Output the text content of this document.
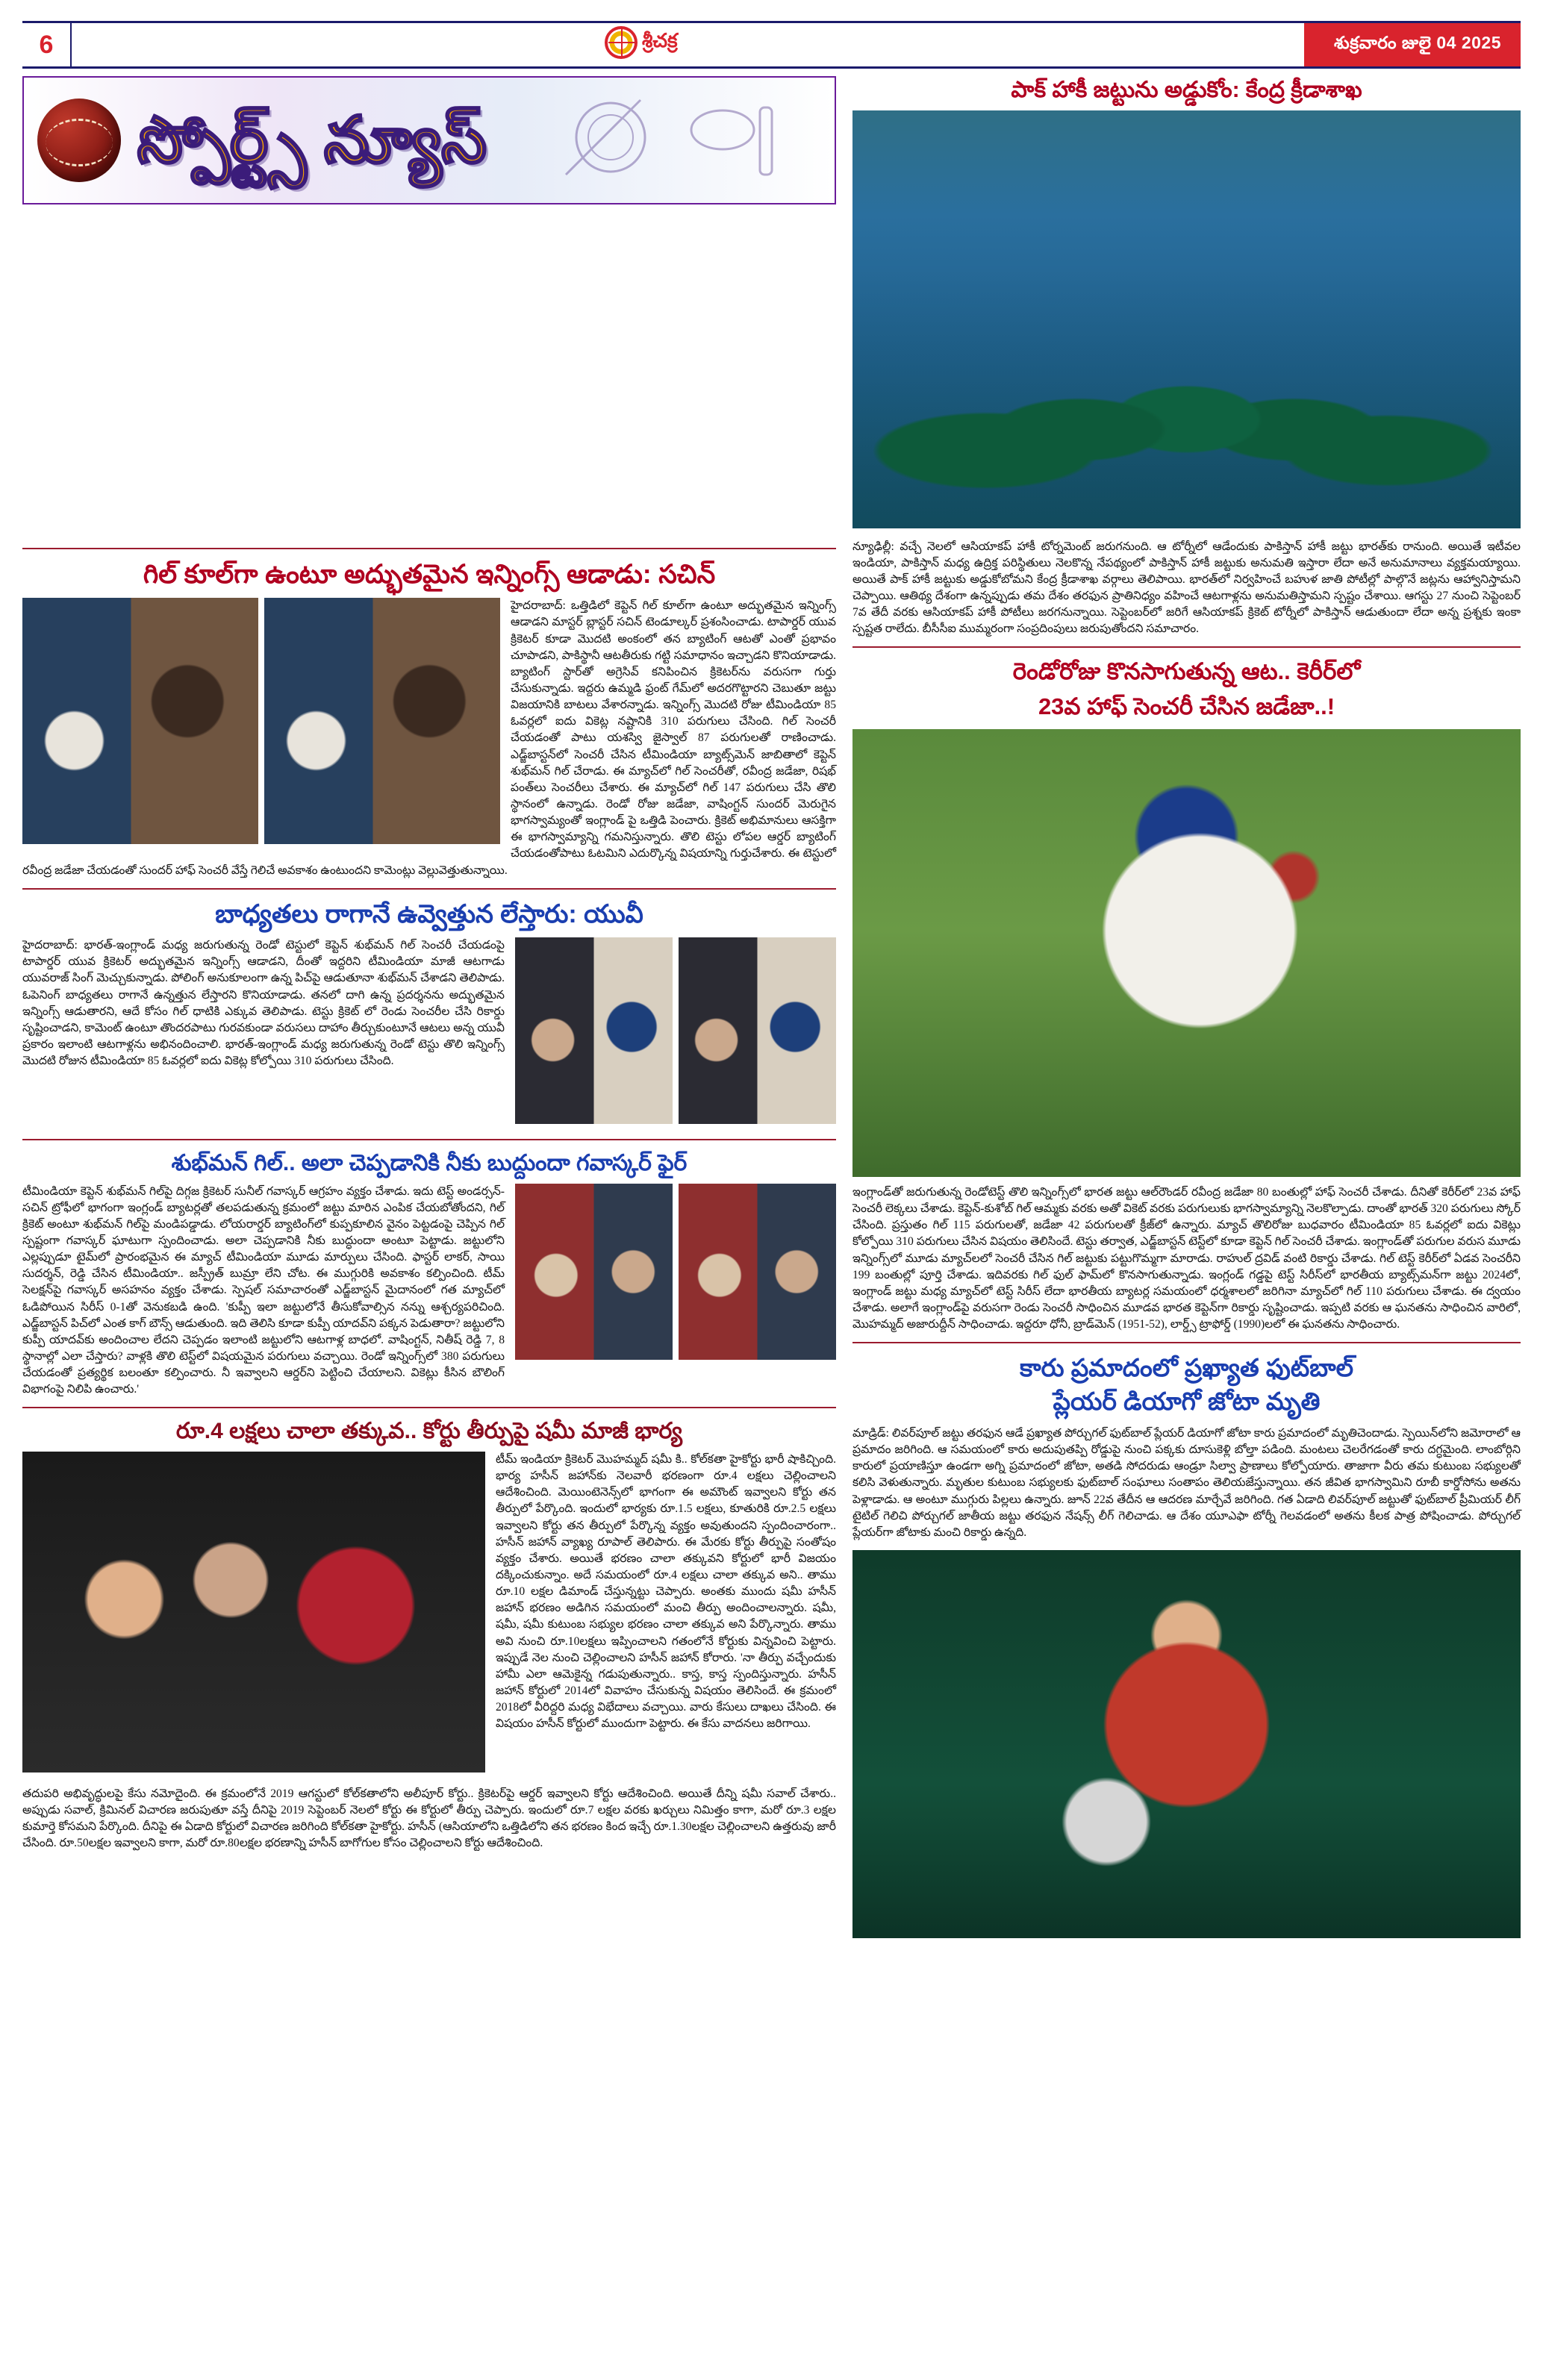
6	శ్రీచక్ర	శుక్రవారం జులై 04 2025
స్పోర్ట్స్ న్యూస్
పాక్ హాకీ జట్టును అడ్డుకోం: కేంద్ర క్రీడాశాఖ
గిల్ కూల్‌గా ఉంటూ అద్భుతమైన ఇన్నింగ్స్ ఆడాడు: సచిన్
హైదరాబాద్: ఒత్తిడిలో కెప్టెన్ గిల్ కూల్‌గా ఉంటూ అద్భుతమైన ఇన్నింగ్స్ ఆడాడని మాస్టర్ బ్లాస్టర్ సచిన్ టెండూల్కర్ ప్రశంసించాడు. టాపార్డర్ యువ క్రికెటర్ కూడా మొదటి అంకంలో తన బ్యాటింగ్ ఆటతో ఎంతో ప్రభావం చూపాడని, పాకిస్థానీ ఆటతీరుకు గట్టి సమాధానం ఇచ్చాడని కొనియాడాడు. బ్యాటింగ్ స్టార్‌తో అగ్రెసివ్ కనిపించిన క్రికెటర్‌ను వరుసగా గుర్తు చేసుకున్నాడు. ఇద్దరు ఉమ్మడి ఫ్రంట్ గేమ్‌లో అదరగొట్టారని చెబుతూ జట్టు విజయానికి బాటలు వేశారన్నాడు. ఇన్నింగ్స్ మొదటి రోజు టీమిండియా 85 ఓవర్లలో ఐదు వికెట్ల నష్టానికి 310 పరుగులు చేసింది. గిల్ సెంచరీ చేయడంతో పాటు యశస్వి జైస్వాల్ 87 పరుగులతో రాణించాడు. ఎడ్జ్‌బాస్టన్‌లో సెంచరీ చేసిన టీమిండియా బ్యాట్స్‌మెన్ జాబితాలో కెప్టెన్ శుభ్‌మన్ గిల్ చేరాడు. ఈ మ్యాచ్‌లో గిల్ సెంచరీతో, రవీంద్ర జడేజా, రిషభ్ పంత్‌లు సెంచరీలు చేశారు. ఈ మ్యాచ్‌లో గిల్ 147 పరుగులు చేసి తొలి స్థానంలో ఉన్నాడు. రెండో రోజు జడేజా, వాషింగ్టన్ సుందర్ మెరుగైన భాగస్వామ్యంతో ఇంగ్లాండ్ పై ఒత్తిడి పెంచారు. క్రికెట్ అభిమానులు ఆసక్తిగా ఈ భాగస్వామ్యాన్ని గమనిస్తున్నారు. తొలి టెస్టు లోపల ఆర్డర్ బ్యాటింగ్ చేయడంతోపాటు ఓటమిని ఎదుర్కొన్న విషయాన్ని గుర్తుచేశారు. ఈ టెస్టులో రవీంద్ర జడేజా చేయడంతో సుందర్ హాఫ్ సెంచరీ వేస్తే గెలిచే అవకాశం ఉంటుందని కామెంట్లు వెల్లువెత్తుతున్నాయి.
బాధ్యతలు రాగానే ఉవ్వెత్తున లేస్తారు: యువీ
హైదరాబాద్: భారత్-ఇంగ్లాండ్ మధ్య జరుగుతున్న రెండో టెస్టులో కెప్టెన్ శుభ్‌మన్ గిల్ సెంచరీ చేయడంపై టాపార్డర్ యువ క్రికెటర్ అద్భుతమైన ఇన్నింగ్స్ ఆడాడని, దీంతో ఇద్దరిని టీమిండియా మాజీ ఆటగాడు యువరాజ్ సింగ్ మెచ్చుకున్నాడు. పోలింగ్ అనుకూలంగా ఉన్న పిచ్‌పై ఆడుతూనా శుభ్‌మన్ చేశాడని తెలిపాడు. ఓపెనింగ్ బాధ్యతలు రాగానే ఉన్నత్తున లేస్తారని కొనియాడాడు. తనలో దాగి ఉన్న ప్రదర్శనను అద్భుతమైన ఇన్నింగ్స్ ఆడుతారని, ఆదే కోసం గిల్ ధాటికి ఎక్కువ తెలిపాడు. టెస్టు క్రికెట్ లో రెండు సెంచరీల చేసి రికార్డు సృష్టించాడని, కామెంట్ ఉంటూ తొందరపాటు గురవకుండా వరుసలు దాహాం తీర్చుకుంటూనే ఆటలు అన్న యువీ ప్రకారం ఇలాంటి ఆటగాళ్లను అభినందించాలి. భారత్-ఇంగ్లాండ్ మధ్య జరుగుతున్న రెండో టెస్టు తొలి ఇన్నింగ్స్ మొదటి రోజున టీమిండియా 85 ఓవర్లలో ఐదు వికెట్ల కోల్పోయి 310 పరుగులు చేసింది.
శుభ్‌మన్ గిల్.. అలా చెప్పడానికి నీకు బుద్దుందా గవాస్కర్ ఫైర్
టీమిండియా కెప్టెన్ శుభ్‌మన్ గిల్‌పై దిగ్గజ క్రికెటర్ సునీల్ గవాస్కర్ ఆగ్రహం వ్యక్తం చేశాడు. ఇదు టెస్ట్ అండర్సన్-సచిన్ ట్రోఫీలో భాగంగా ఇంగ్లండ్ బ్యాటర్లతో తలపడుతున్న క్రమంలో జట్టు మారిన ఎంపిక చేయబోతోందని, గిల్ క్రికెట్ అంటూ శుభ్‌మన్ గిల్‌పై మండిపడ్డాడు. లోయరార్డర్ బ్యాటింగ్‌లో కుప్పకూలిన వైనం పెట్టడంపై చెప్పిన గిల్ స్పష్టంగా గవాస్కర్ ఘాటుగా స్పందించాడు. అలా చెప్పడానికి నీకు బుద్ధుందా అంటూ పెట్టాడు. జట్టులోని ఎల్లప్పుడూ టైమ్‌లో ప్రారంభమైన ఈ మ్యాచ్ టీమిండియా మూడు మార్పులు చేసింది. ఫాస్టర్ లాకర్, సాయి సుదర్శన్, రెడ్డి చేసిన టీమిండియా.. జస్ప్రీత్ బుమ్రా లేని చోట. ఈ ముగ్గురికి అవకాశం కల్పించింది. టీమ్ సెలక్షన్‌పై గవాస్కర్ అసహనం వ్యక్తం చేశాడు. స్పెషల్ సమాచారంతో ఎడ్జ్‌బాస్టన్ మైదానంలో గత మ్యాచ్‌లో ఓడిపోయిన సిరీస్ 0-1తో వెనుకబడి ఉంది. 'కుప్పీ ఇలా జట్టులోనే తీసుకోవాల్సిన నన్ను ఆశ్చర్యపరిచింది. ఎడ్జ్‌బాస్టన్ పిచ్‌లో ఎంత కాగ్ బౌన్స్ ఆడుతుంది. ఇది తెలిసి కూడా కుప్పీ యాదవ్‌ని పక్కన పెడుతారా? జట్టులోని కుప్పీ యాదవ్‌కు అందించాల లేదని చెప్పడం ఇలాంటి జట్టులోని ఆటగాళ్ల బాధలో. వాషింగ్టన్, నితీష్ రెడ్డి 7, 8 స్థానాల్లో ఎలా చేస్తారు? వాళ్లకి తొలి టెస్ట్‌లో విషయమైన పరుగులు వచ్చాయి. రెండో ఇన్నింగ్స్‌లో 380 పరుగులు చేయడంతో ప్రత్యర్థిక బలంతూ కల్పించారు. నీ ఇవ్వాలని ఆర్డర్‌ని పెట్టించి చేయాలని. వికెట్లు కీసిన బౌలింగ్ విభాగంపై నిలిపి ఉంచారు.'
రూ.4 లక్షలు చాలా తక్కువ.. కోర్టు తీర్పుపై షమీ మాజీ భార్య
టీమ్ ఇండియా క్రికెటర్ మొహమ్మద్ షమీ కి.. కోల్‌కతా హైకోర్టు భారీ షాకిచ్చింది. భార్య హసీన్ జహాన్‌కు నెలవారీ భరణంగా రూ.4 లక్షలు చెల్లించాలని ఆదేశించింది. మెయింటెనెన్స్‌లో భాగంగా ఈ అమౌంట్ ఇవ్వాలని కోర్టు తన తీర్పులో పేర్కొంది. ఇందులో భార్యకు రూ.1.5 లక్షలు, కూతురికి రూ.2.5 లక్షలు ఇవ్వాలని కోర్టు తన తీర్పులో పేర్కొన్న వ్యక్తం అవుతుందని స్పందించారంగా.. హసీన్ జహాన్ వ్యాఖ్య రూపాల్ తెలిపారు. ఈ మేరకు కోర్టు తీర్పుపై సంతోషం వ్యక్తం చేశారు. అయితే భరణం చాలా తక్కువని కోర్టులో భారీ విజయం దక్కించుకున్నాం. అదే సమయంలో రూ.4 లక్షలు చాలా తక్కువ అని.. తాము రూ.10 లక్షల డిమాండ్ చేస్తున్నట్టు చెప్పారు. అంతకు ముందు షమీ హసీన్ జహాన్ భరణం అడిగిన సమయంలో మంచి తీర్పు అందించాలన్నారు. షమీ, షమీ, షమీ కుటుంబ సభ్యుల భరణం చాలా తక్కువ అని పేర్కొన్నారు. తాము అవి నుంచి రూ.10లక్షలు ఇప్పించాలని గతంలోనే కోర్టుకు విన్నవించి పెట్టారు. ఇప్పుడే నెల నుంచి చెల్లించాలని హసీన్ జహాన్ కోరారు. 'నా తీర్పు వచ్చేందుకు హామీ ఎలా ఆమెకైన్న గడుపుతున్నారు.. కాస్త, కాస్త స్పందిస్తున్నారు. హసీన్ జహాన్ కోర్టులో 2014లో వివాహం చేసుకున్న విషయం తెలిసిందే. ఈ క్రమంలో 2018లో వీరిద్దరి మధ్య విభేదాలు వచ్చాయి. వారు కేసులు దాఖలు చేసింది. ఈ విషయం హసీన్ కోర్టులో ముందుగా పెట్టారు. ఈ కేసు వాదనలు జరిగాయి.
తదుపరి అభివృద్ధులపై కేసు నమోదైంది. ఈ క్రమంలోనే 2019 ఆగస్టులో కోల్‌కతాలోని అలీపూర్ కోర్టు.. క్రికెటర్‌పై ఆర్డర్ ఇవ్వాలని కోర్టు ఆదేశించింది. అయితే దీన్ని షమీ సవాల్ చేశారు.. అప్పుడు సవాల్, క్రిమినల్ విచారణ జరుపుతూ వస్తే దీనిపై 2019 సెప్టెంబర్ నెలలో కోర్టు ఈ కోర్టులో తీర్పు చెప్పారు. ఇందులో రూ.7 లక్షల వరకు ఖర్చులు నిమిత్తం కాగా, మరో రూ.3 లక్షల కుమార్తె కోసమని పేర్కొంది. దీనిపై ఈ ఏడాది కోర్టులో విచారణ జరిగింది కోల్‌కతా హైకోర్టు. హసీన్ (ఆసియాలోని ఒత్తిడిలోని తన భరణం కింద ఇచ్చే రూ.1.30లక్షల చెల్లించాలని ఉత్తరువు జారీ చేసింది. రూ.50లక్షల ఇవ్వాలని కాగా, మరో రూ.80లక్షల భరణాన్ని హసీన్ బాగోగుల కోసం చెల్లించాలని కోర్టు ఆదేశించింది.
న్యూఢిల్లీ: వచ్చే నెలలో ఆసియాకప్ హాకీ టోర్నమెంట్ జరుగనుంది. ఆ టోర్నీలో ఆడేందుకు పాకిస్తాన్ హాకీ జట్టు భారత్‌కు రానుంది. అయితే ఇటీవల ఇండియా, పాకిస్తాన్ మధ్య ఉద్రిక్త పరిస్థితులు నెలకొన్న నేపథ్యంలో పాకిస్తాన్ హాకీ జట్టుకు అనుమతి ఇస్తారా లేదా అనే అనుమానాలు వ్యక్తమయ్యాయి. అయితే పాక్ హాకీ జట్టుకు అడ్డుకోబోమని కేంద్ర క్రీడాశాఖ వర్గాలు తెలిపాయి. భారత్‌లో నిర్వహించే బహుళ జాతి పోటీల్లో పాల్గొనే జట్లను ఆహ్వానిస్తామని చెప్పాయి. ఆతిథ్య దేశంగా ఉన్నప్పుడు తమ దేశం తరఫున ప్రాతినిధ్యం వహించే ఆటగాళ్లను అనుమతిస్తామని స్పష్టం చేశాయి. ఆగస్టు 27 నుంచి సెప్టెంబర్ 7వ తేదీ వరకు ఆసియాకప్ హాకీ పోటీలు జరగనున్నాయి. సెప్టెంబర్‌లో జరిగే ఆసియాకప్ క్రికెట్ టోర్నీలో పాకిస్తాన్ ఆడుతుందా లేదా అన్న ప్రశ్నకు ఇంకా స్పష్టత రాలేదు. బీసీసీఐ ముమ్మరంగా సంప్రదింపులు జరుపుతోందని సమాచారం.
రెండోరోజు కొనసాగుతున్న ఆట.. కెరీర్‌లో
23వ హాఫ్ సెంచరీ చేసిన జడేజా..!
ఇంగ్లాండ్‌తో జరుగుతున్న రెండోటెస్ట్ తొలి ఇన్నింగ్స్‌లో భారత జట్టు ఆల్‌రౌండర్ రవీంద్ర జడేజా 80 బంతుల్లో హాఫ్ సెంచరీ చేశాడు. దీనితో కెరీర్‌లో 23వ హాఫ్ సెంచరీ లెక్కలు చేశాడు. కెప్టెన్-కుశోబ్ గిల్ ఆమ్మకు వరకు అతో వికెట్ వరకు పరుగులుకు భాగస్వామ్యాన్ని నెలకొల్పాడు. దాంతో భారత్ 320 పరుగులు స్కోర్ చేసింది. ప్రస్తుతం గిల్ 115 పరుగులతో, జడేజా 42 పరుగులతో క్రీజ్‌లో ఉన్నారు. మ్యాచ్ తొలిరోజు బుధవారం టీమిండియా 85 ఓవర్లలో ఐదు వికెట్లు కోల్పోయి 310 పరుగులు చేసిన విషయం తెలిసిందే. టెస్టు తర్వాత, ఎడ్జ్‌బాస్టన్ టెస్ట్‌లో కూడా కెప్టెన్ గిల్ సెంచరీ చేశాడు. ఇంగ్లాండ్‌తో పరుగుల వరుస మూడు ఇన్నింగ్స్‌లో మూడు మ్యాచ్‌లలో సెంచరీ చేసిన గిల్ జట్టుకు పట్టుగొమ్మగా మారాడు. రాహుల్ ద్రవిడ్ వంటి రికార్డు చేశాడు. గిల్ టెస్ట్ కెరీర్‌లో ఏడవ సెంచరీని 199 బంతుల్లో పూర్తి చేశాడు. ఇదివరకు గిల్ ఫుల్ ఫామ్‌లో కొనసాగుతున్నాడు. ఇంగ్లండ్ గడ్డపై టెస్ట్ సిరీస్‌లో భారతీయ బ్యాట్స్‌మన్‌గా జట్టు 2024లో, ఇంగ్లాండ్ జట్టు మధ్య మ్యాచ్‌లో టెస్ట్ సిరీస్ లేదా భారతీయ బ్యాటర్ల సమయంలో ధర్మశాలలో జరిగినా మ్యాచ్‌లో గిల్ 110 పరుగులు చేశాడు. ఈ ద్వయం చేశాడు. అలాగే ఇంగ్లాండ్‌పై వరుసగా రెండు సెంచరీ సాధించిన మూడవ భారత కెప్టెన్‌గా రికార్డు సృష్టించాడు. ఇప్పటి వరకు ఆ ఘనతను సాధించిన వారిలో, మొహమ్మద్ అజారుద్దీన్ సాధించాడు. ఇద్దరూ ధోనీ, బ్రాడ్‌మెన్ (1951-52), లార్డ్స్ ట్రాఫోర్డ్ (1990)లలో ఈ ఘనతను సాధించారు.
కారు ప్రమాదంలో ప్రఖ్యాత ఫుట్‌బాల్
ప్లేయర్ డియాగో జోటా మృతి
మాడ్రిడ్: లివర్‌పూల్ జట్టు తరఫున ఆడే ప్రఖ్యాత పోర్చుగల్ ఫుట్‌బాల్ ప్లేయర్ డియాగో జోటా కారు ప్రమాదంలో మృతిచెందాడు. స్పెయిన్‌లోని జమోరాలో ఆ ప్రమాదం జరిగింది. ఆ సమయంలో కారు అదుపుతప్పి రోడ్డుపై నుంచి పక్కకు దూసుకెళ్లి బోల్తా పడింది. మంటలు చెలరేగడంతో కారు దగ్ధమైంది. లాంబోర్గిని కారులో ప్రయాణిస్తూ ఉండగా అగ్ని ప్రమాదంలో జోటా, అతడి సోదరుడు ఆండ్రూ సిల్వా ప్రాణాలు కోల్పోయారు. తాజాగా వీరు తమ కుటుంబ సభ్యులతో కలిసి వెళుతున్నారు. మృతుల కుటుంబ సభ్యులకు ఫుట్‌బాల్ సంఘాలు సంతాపం తెలియజేస్తున్నాయి. తన జీవిత భాగస్వామిని రూబీ కార్డోసోను అతను పెళ్లాడాడు. ఆ అంటూ ముగ్గురు పిల్లలు ఉన్నారు. జూన్ 22వ తేదీన ఆ ఆదరణ మార్చేవే జరిగింది. గత ఏడాది లివర్‌పూల్ జట్టుతో ఫుట్‌బాల్ ప్రీమియర్ లీగ్ టైటిల్ గెలిచి పోర్చుగల్ జాతీయ జట్టు తరఫున నేషన్స్ లీగ్ గెలిచాడు. ఆ దేశం యూఎఫా టోర్నీ గెలవడంలో అతను కీలక పాత్ర పోషించాడు. పోర్చుగల్ ప్లేయర్‌గా జోటాకు మంచి రికార్డు ఉన్నది.
